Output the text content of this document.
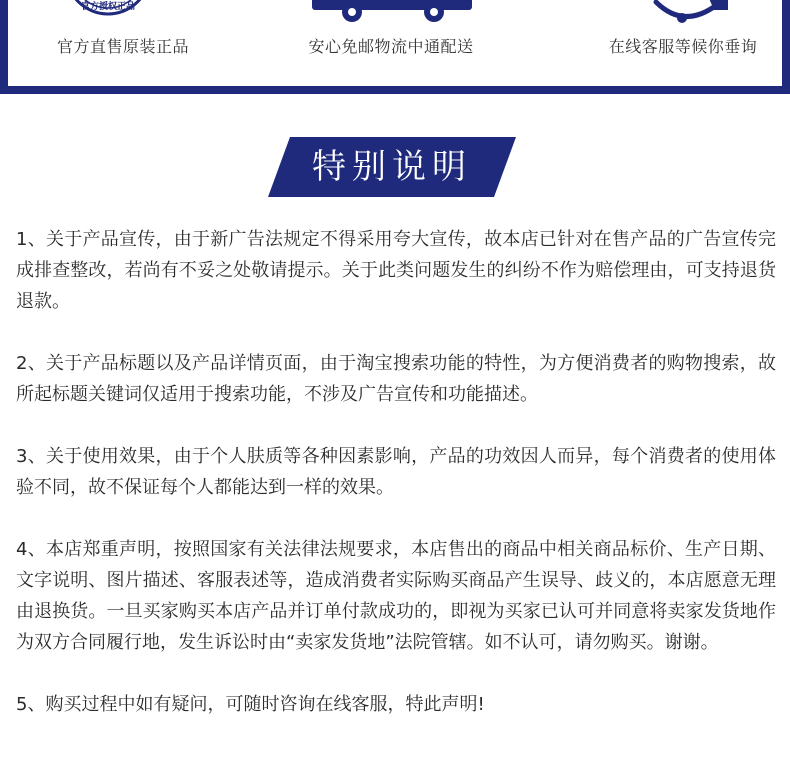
官方授权正品
官方直售原装正品	安心免邮物流中通配送	在线客服等候你垂询
特别说明

1、关于产品宣传，由于新广告法规定不得采用夸大宣传，故本店已针对在售产品的广告宣传完成排查整改，若尚有不妥之处敬请提示。关于此类问题发生的纠纷不作为赔偿理由，可支持退货退款。

2、关于产品标题以及产品详情页面，由于淘宝搜索功能的特性，为方便消费者的购物搜索，故所起标题关键词仅适用于搜索功能，不涉及广告宣传和功能描述。

3、关于使用效果，由于个人肤质等各种因素影响，产品的功效因人而异，每个消费者的使用体验不同，故不保证每个人都能达到一样的效果。

4、本店郑重声明，按照国家有关法律法规要求，本店售出的商品中相关商品标价、生产日期、文字说明、图片描述、客服表述等，造成消费者实际购买商品产生误导、歧义的，本店愿意无理由退换货。一旦买家购买本店产品并订单付款成功的，即视为买家已认可并同意将卖家发货地作为双方合同履行地，发生诉讼时由“卖家发货地”法院管辖。如不认可，请勿购买。谢谢。

5、购买过程中如有疑问，可随时咨询在线客服，特此声明!
